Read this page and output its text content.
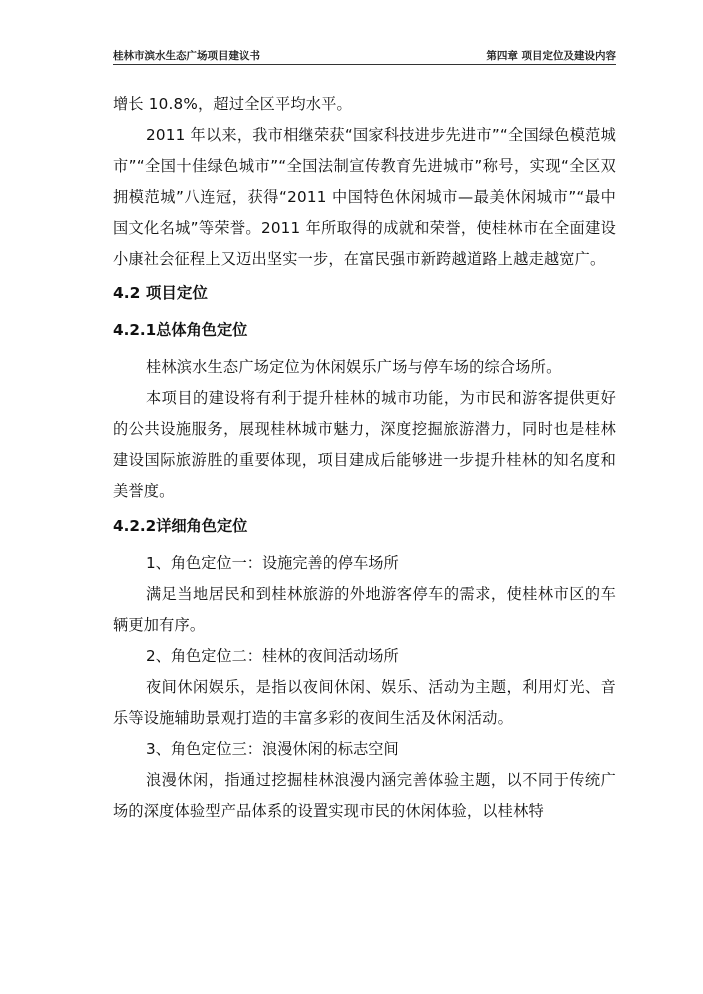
桂林市滨水生态广场项目建议书	第四章 项目定位及建设内容

增长 10.8%，超过全区平均水平。

2011 年以来，我市相继荣获“国家科技进步先进市”“全国绿色模范城市”“全国十佳绿色城市”“全国法制宣传教育先进城市”称号，实现“全区双拥模范城”八连冠，获得“2011 中国特色休闲城市—最美休闲城市”“最中国文化名城”等荣誉。2011 年所取得的成就和荣誉，使桂林市在全面建设小康社会征程上又迈出坚实一步，在富民强市新跨越道路上越走越宽广。

4.2 项目定位
4.2.1总体角色定位

桂林滨水生态广场定位为休闲娱乐广场与停车场的综合场所。

本项目的建设将有利于提升桂林的城市功能，为市民和游客提供更好的公共设施服务，展现桂林城市魅力，深度挖掘旅游潜力，同时也是桂林建设国际旅游胜的重要体现，项目建成后能够进一步提升桂林的知名度和美誉度。

4.2.2详细角色定位

1、角色定位一：设施完善的停车场所

满足当地居民和到桂林旅游的外地游客停车的需求，使桂林市区的车辆更加有序。

2、角色定位二：桂林的夜间活动场所

夜间休闲娱乐，是指以夜间休闲、娱乐、活动为主题，利用灯光、音乐等设施辅助景观打造的丰富多彩的夜间生活及休闲活动。

3、角色定位三：浪漫休闲的标志空间

浪漫休闲，指通过挖掘桂林浪漫内涵完善体验主题，以不同于传统广场的深度体验型产品体系的设置实现市民的休闲体验，以桂林特
